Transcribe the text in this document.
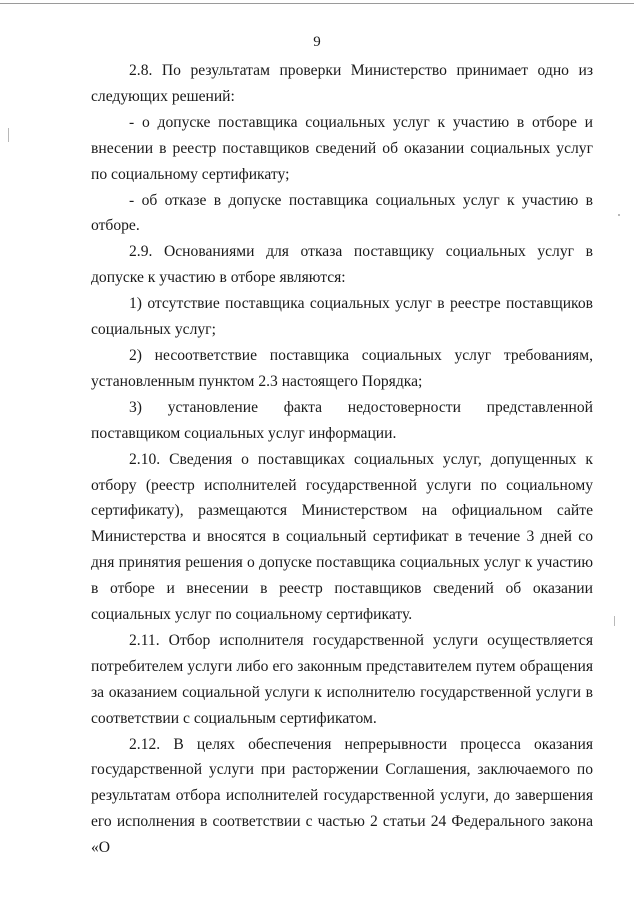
9

2.8. По результатам проверки Министерство принимает одно из следующих решений:

- о допуске поставщика социальных услуг к участию в отборе и внесении в реестр поставщиков сведений об оказании социальных услуг по социальному сертификату;

- об отказе в допуске поставщика социальных услуг к участию в отборе.

2.9. Основаниями для отказа поставщику социальных услуг в допуске к участию в отборе являются:

1) отсутствие поставщика социальных услуг в реестре поставщиков социальных услуг;

2) несоответствие поставщика социальных услуг требованиям, установленным пунктом 2.3 настоящего Порядка;

3) установление факта недостоверности представленной поставщиком социальных услуг информации.

2.10. Сведения о поставщиках социальных услуг, допущенных к отбору (реестр исполнителей государственной услуги по социальному сертификату), размещаются Министерством на официальном сайте Министерства и вносятся в социальный сертификат в течение 3 дней со дня принятия решения о допуске поставщика социальных услуг к участию в отборе и внесении в реестр поставщиков сведений об оказании социальных услуг по социальному сертификату.

2.11. Отбор исполнителя государственной услуги осуществляется потребителем услуги либо его законным представителем путем обращения за оказанием социальной услуги к исполнителю государственной услуги в соответствии с социальным сертификатом.

2.12. В целях обеспечения непрерывности процесса оказания государственной услуги при расторжении Соглашения, заключаемого по результатам отбора исполнителей государственной услуги, до завершения его исполнения в соответствии с частью 2 статьи 24 Федерального закона «О
